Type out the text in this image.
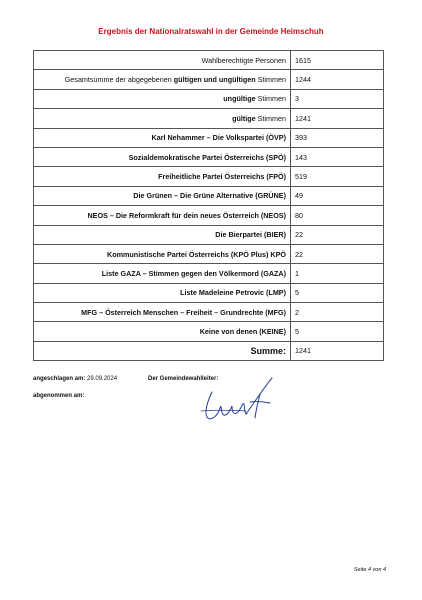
Ergebnis der Nationalratswahl in der Gemeinde Heimschuh
Wahlberechtigte Personen	1615
Gesamtsumme der abgegebenen gültigen und ungültigen Stimmen	1244
ungültige Stimmen	3
gültige Stimmen	1241
Karl Nehammer – Die Volkspartei (ÖVP)	393
Sozialdemokratische Partei Österreichs (SPÖ)	143
Freiheitliche Partei Österreichs (FPÖ)	519
Die Grünen – Die Grüne Alternative (GRÜNE)	49
NEOS – Die Reformkraft für dein neues Österreich (NEOS)	80
Die Bierpartei (BIER)	22
Kommunistische Partei Österreichs (KPÖ Plus) KPÖ	22
Liste GAZA – Stimmen gegen den Völkermord (GAZA)	1
Liste Madeleine Petrovic (LMP)	5
MFG – Österreich Menschen – Freiheit – Grundrechte (MFG)	2
Keine von denen (KEINE)	5
Summe:	1241
angeschlagen am: 29.09.2024	Der Gemeindewahlleiter:
abgenommen am:
Seite 4 von 4
